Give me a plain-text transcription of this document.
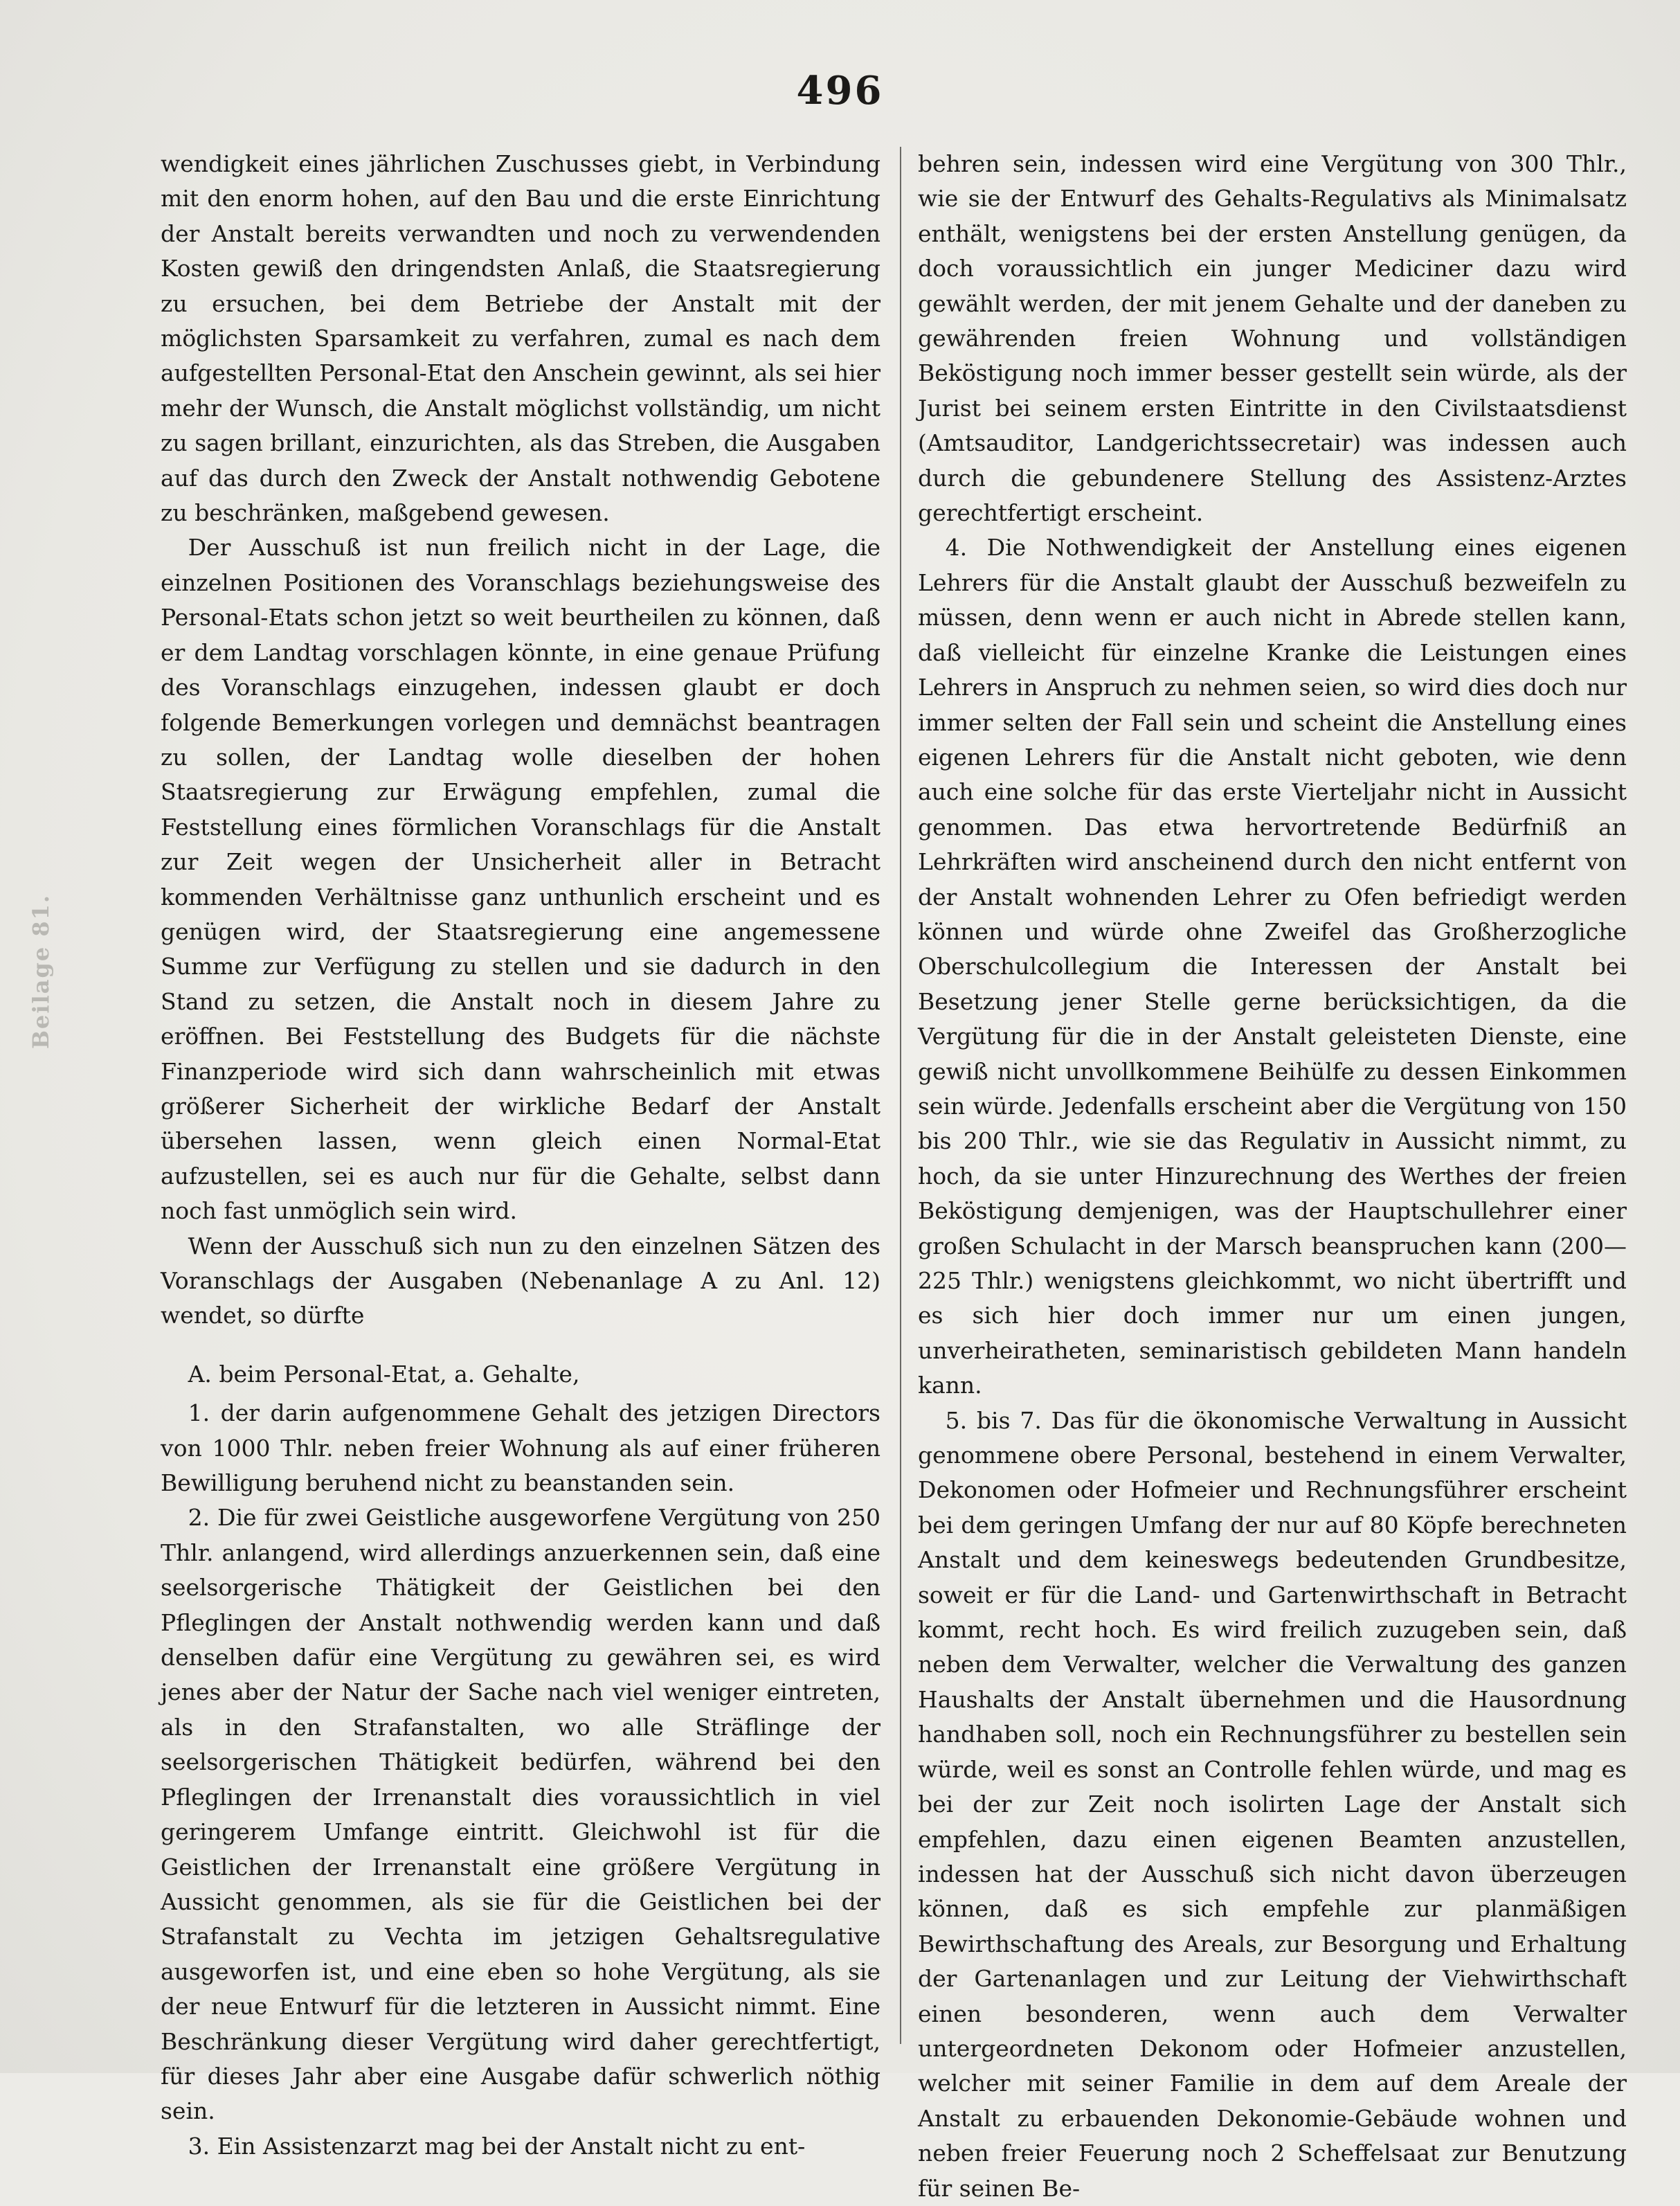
496
Beilage 81.

wendigkeit eines jährlichen Zuschusses giebt, in Verbindung mit den enorm hohen, auf den Bau und die erste Einrichtung der Anstalt bereits verwandten und noch zu verwendenden Kosten gewiß den dringendsten Anlaß, die Staatsregierung zu ersuchen, bei dem Betriebe der Anstalt mit der möglichsten Sparsamkeit zu verfahren, zumal es nach dem aufgestellten Personal-Etat den Anschein gewinnt, als sei hier mehr der Wunsch, die Anstalt möglichst vollständig, um nicht zu sagen brillant, einzurichten, als das Streben, die Ausgaben auf das durch den Zweck der Anstalt nothwendig Gebotene zu beschränken, maßgebend gewesen.

Der Ausschuß ist nun freilich nicht in der Lage, die einzelnen Positionen des Voranschlags beziehungsweise des Personal-Etats schon jetzt so weit beurtheilen zu können, daß er dem Landtag vorschlagen könnte, in eine genaue Prüfung des Voranschlags einzugehen, indessen glaubt er doch folgende Bemerkungen vorlegen und demnächst beantragen zu sollen, der Landtag wolle dieselben der hohen Staatsregierung zur Erwägung empfehlen, zumal die Feststellung eines förmlichen Voranschlags für die Anstalt zur Zeit wegen der Unsicherheit aller in Betracht kommenden Verhältnisse ganz unthunlich erscheint und es genügen wird, der Staatsregierung eine angemessene Summe zur Verfügung zu stellen und sie dadurch in den Stand zu setzen, die Anstalt noch in diesem Jahre zu eröffnen. Bei Feststellung des Budgets für die nächste Finanzperiode wird sich dann wahrscheinlich mit etwas größerer Sicherheit der wirkliche Bedarf der Anstalt übersehen lassen, wenn gleich einen Normal-Etat aufzustellen, sei es auch nur für die Gehalte, selbst dann noch fast unmöglich sein wird.

Wenn der Ausschuß sich nun zu den einzelnen Sätzen des Voranschlags der Ausgaben (Nebenanlage A zu Anl. 12) wendet, so dürfte

A. beim Personal-Etat, a. Gehalte,

1. der darin aufgenommene Gehalt des jetzigen Directors von 1000 Thlr. neben freier Wohnung als auf einer früheren Bewilligung beruhend nicht zu beanstanden sein.

2. Die für zwei Geistliche ausgeworfene Vergütung von 250 Thlr. anlangend, wird allerdings anzuerkennen sein, daß eine seelsorgerische Thätigkeit der Geistlichen bei den Pfleglingen der Anstalt nothwendig werden kann und daß denselben dafür eine Vergütung zu gewähren sei, es wird jenes aber der Natur der Sache nach viel weniger eintreten, als in den Strafanstalten, wo alle Sträflinge der seelsorgerischen Thätigkeit bedürfen, während bei den Pfleglingen der Irrenanstalt dies voraussichtlich in viel geringerem Umfange eintritt. Gleichwohl ist für die Geistlichen der Irrenanstalt eine größere Vergütung in Aussicht genommen, als sie für die Geistlichen bei der Strafanstalt zu Vechta im jetzigen Gehaltsregulative ausgeworfen ist, und eine eben so hohe Vergütung, als sie der neue Entwurf für die letzteren in Aussicht nimmt. Eine Beschränkung dieser Vergütung wird daher gerechtfertigt, für dieses Jahr aber eine Ausgabe dafür schwerlich nöthig sein.

3. Ein Assistenzarzt mag bei der Anstalt nicht zu ent-

behren sein, indessen wird eine Vergütung von 300 Thlr., wie sie der Entwurf des Gehalts-Regulativs als Minimalsatz enthält, wenigstens bei der ersten Anstellung genügen, da doch voraussichtlich ein junger Mediciner dazu wird gewählt werden, der mit jenem Gehalte und der daneben zu gewährenden freien Wohnung und vollständigen Beköstigung noch immer besser gestellt sein würde, als der Jurist bei seinem ersten Eintritte in den Civilstaatsdienst (Amtsauditor, Landgerichtssecretair) was indessen auch durch die gebundenere Stellung des Assistenz-Arztes gerechtfertigt erscheint.

4. Die Nothwendigkeit der Anstellung eines eigenen Lehrers für die Anstalt glaubt der Ausschuß bezweifeln zu müssen, denn wenn er auch nicht in Abrede stellen kann, daß vielleicht für einzelne Kranke die Leistungen eines Lehrers in Anspruch zu nehmen seien, so wird dies doch nur immer selten der Fall sein und scheint die Anstellung eines eigenen Lehrers für die Anstalt nicht geboten, wie denn auch eine solche für das erste Vierteljahr nicht in Aussicht genommen. Das etwa hervortretende Bedürfniß an Lehrkräften wird anscheinend durch den nicht entfernt von der Anstalt wohnenden Lehrer zu Ofen befriedigt werden können und würde ohne Zweifel das Großherzogliche Oberschulcollegium die Interessen der Anstalt bei Besetzung jener Stelle gerne berücksichtigen, da die Vergütung für die in der Anstalt geleisteten Dienste, eine gewiß nicht unvollkommene Beihülfe zu dessen Einkommen sein würde. Jedenfalls erscheint aber die Vergütung von 150 bis 200 Thlr., wie sie das Regulativ in Aussicht nimmt, zu hoch, da sie unter Hinzurechnung des Werthes der freien Beköstigung demjenigen, was der Hauptschullehrer einer großen Schulacht in der Marsch beanspruchen kann (200—225 Thlr.) wenigstens gleichkommt, wo nicht übertrifft und es sich hier doch immer nur um einen jungen, unverheiratheten, seminaristisch gebildeten Mann handeln kann.

5. bis 7. Das für die ökonomische Verwaltung in Aussicht genommene obere Personal, bestehend in einem Verwalter, Dekonomen oder Hofmeier und Rechnungsführer erscheint bei dem geringen Umfang der nur auf 80 Köpfe berechneten Anstalt und dem keineswegs bedeutenden Grundbesitze, soweit er für die Land- und Gartenwirthschaft in Betracht kommt, recht hoch. Es wird freilich zuzugeben sein, daß neben dem Verwalter, welcher die Verwaltung des ganzen Haushalts der Anstalt übernehmen und die Hausordnung handhaben soll, noch ein Rechnungsführer zu bestellen sein würde, weil es sonst an Controlle fehlen würde, und mag es bei der zur Zeit noch isolirten Lage der Anstalt sich empfehlen, dazu einen eigenen Beamten anzustellen, indessen hat der Ausschuß sich nicht davon überzeugen können, daß es sich empfehle zur planmäßigen Bewirthschaftung des Areals, zur Besorgung und Erhaltung der Gartenanlagen und zur Leitung der Viehwirthschaft einen besonderen, wenn auch dem Verwalter untergeordneten Dekonom oder Hofmeier anzustellen, welcher mit seiner Familie in dem auf dem Areale der Anstalt zu erbauenden Dekonomie-Gebäude wohnen und neben freier Feuerung noch 2 Scheffelsaat zur Benutzung für seinen Be-
